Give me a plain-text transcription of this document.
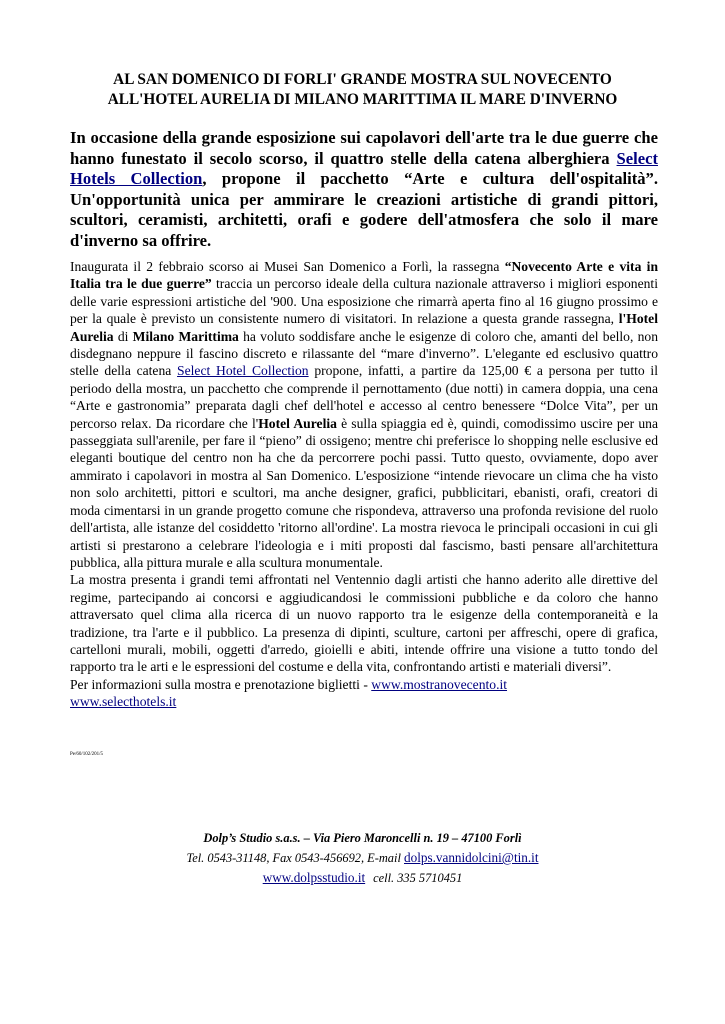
AL SAN DOMENICO DI FORLI' GRANDE MOSTRA SUL NOVECENTO
ALL'HOTEL AURELIA DI MILANO MARITTIMA IL MARE D'INVERNO

In occasione della grande esposizione sui capolavori dell'arte tra le due guerre che hanno funestato il secolo scorso, il quattro stelle della catena alberghiera Select Hotels Collection, propone il pacchetto “Arte e cultura dell'ospitalità”. Un'opportunità unica per ammirare le creazioni artistiche di grandi pittori, scultori, ceramisti, architetti, orafi e godere dell'atmosfera che solo il mare d'inverno sa offrire.

Inaugurata il 2 febbraio scorso ai Musei San Domenico a Forlì, la rassegna “Novecento Arte e vita in Italia tra le due guerre” traccia un percorso ideale della cultura nazionale attraverso i migliori esponenti delle varie espressioni artistiche del '900. Una esposizione che rimarrà aperta fino al 16 giugno prossimo e per la quale è previsto un consistente numero di visitatori. In relazione a questa grande rassegna, l'Hotel Aurelia di Milano Marittima ha voluto soddisfare anche le esigenze di coloro che, amanti del bello, non disdegnano neppure il fascino discreto e rilassante del “mare d'inverno”. L'elegante ed esclusivo quattro stelle della catena Select Hotel Collection propone, infatti, a partire da 125,00 € a persona per tutto il periodo della mostra, un pacchetto che comprende il pernottamento (due notti) in camera doppia, una cena “Arte e gastronomia” preparata dagli chef dell'hotel e accesso al centro benessere “Dolce Vita”, per un percorso relax. Da ricordare che l'Hotel Aurelia è sulla spiaggia ed è, quindi, comodissimo uscire per una passeggiata sull'arenile, per fare il “pieno” di ossigeno; mentre chi preferisce lo shopping nelle esclusive ed eleganti boutique del centro non ha che da percorrere pochi passi. Tutto questo, ovviamente, dopo aver ammirato i capolavori in mostra al San Domenico. L'esposizione “intende rievocare un clima che ha visto non solo architetti, pittori e scultori, ma anche designer, grafici, pubblicitari, ebanisti, orafi, creatori di moda cimentarsi in un grande progetto comune che rispondeva, attraverso una profonda revisione del ruolo dell'artista, alle istanze del cosiddetto 'ritorno all'ordine'. La mostra rievoca le principali occasioni in cui gli artisti si prestarono a celebrare l'ideologia e i miti proposti dal fascismo, basti pensare all'architettura pubblica, alla pittura murale e alla scultura monumentale.

La mostra presenta i grandi temi affrontati nel Ventennio dagli artisti che hanno aderito alle direttive del regime, partecipando ai concorsi e aggiudicandosi le commissioni pubbliche e da coloro che hanno attraversato quel clima alla ricerca di un nuovo rapporto tra le esigenze della contemporaneità e la tradizione, tra l'arte e il pubblico. La presenza di dipinti, sculture, cartoni per affreschi, opere di grafica, cartelloni murali, mobili, oggetti d'arredo, gioielli e abiti, intende offrire una visione a tutto tondo del rapporto tra le arti e le espressioni del costume e della vita, confrontando artisti e materiali diversi”.

Per informazioni sulla mostra e prenotazione biglietti - www.mostranovecento.it

www.selecthotels.it

Pe/60/102/201/5

Dolp’s Studio s.a.s. – Via Piero Maroncelli n. 19 – 47100 Forlì
Tel. 0543-31148, Fax 0543-456692, E-mail dolps.vannidolcini@tin.it
www.dolpsstudio.it cell. 335 5710451
